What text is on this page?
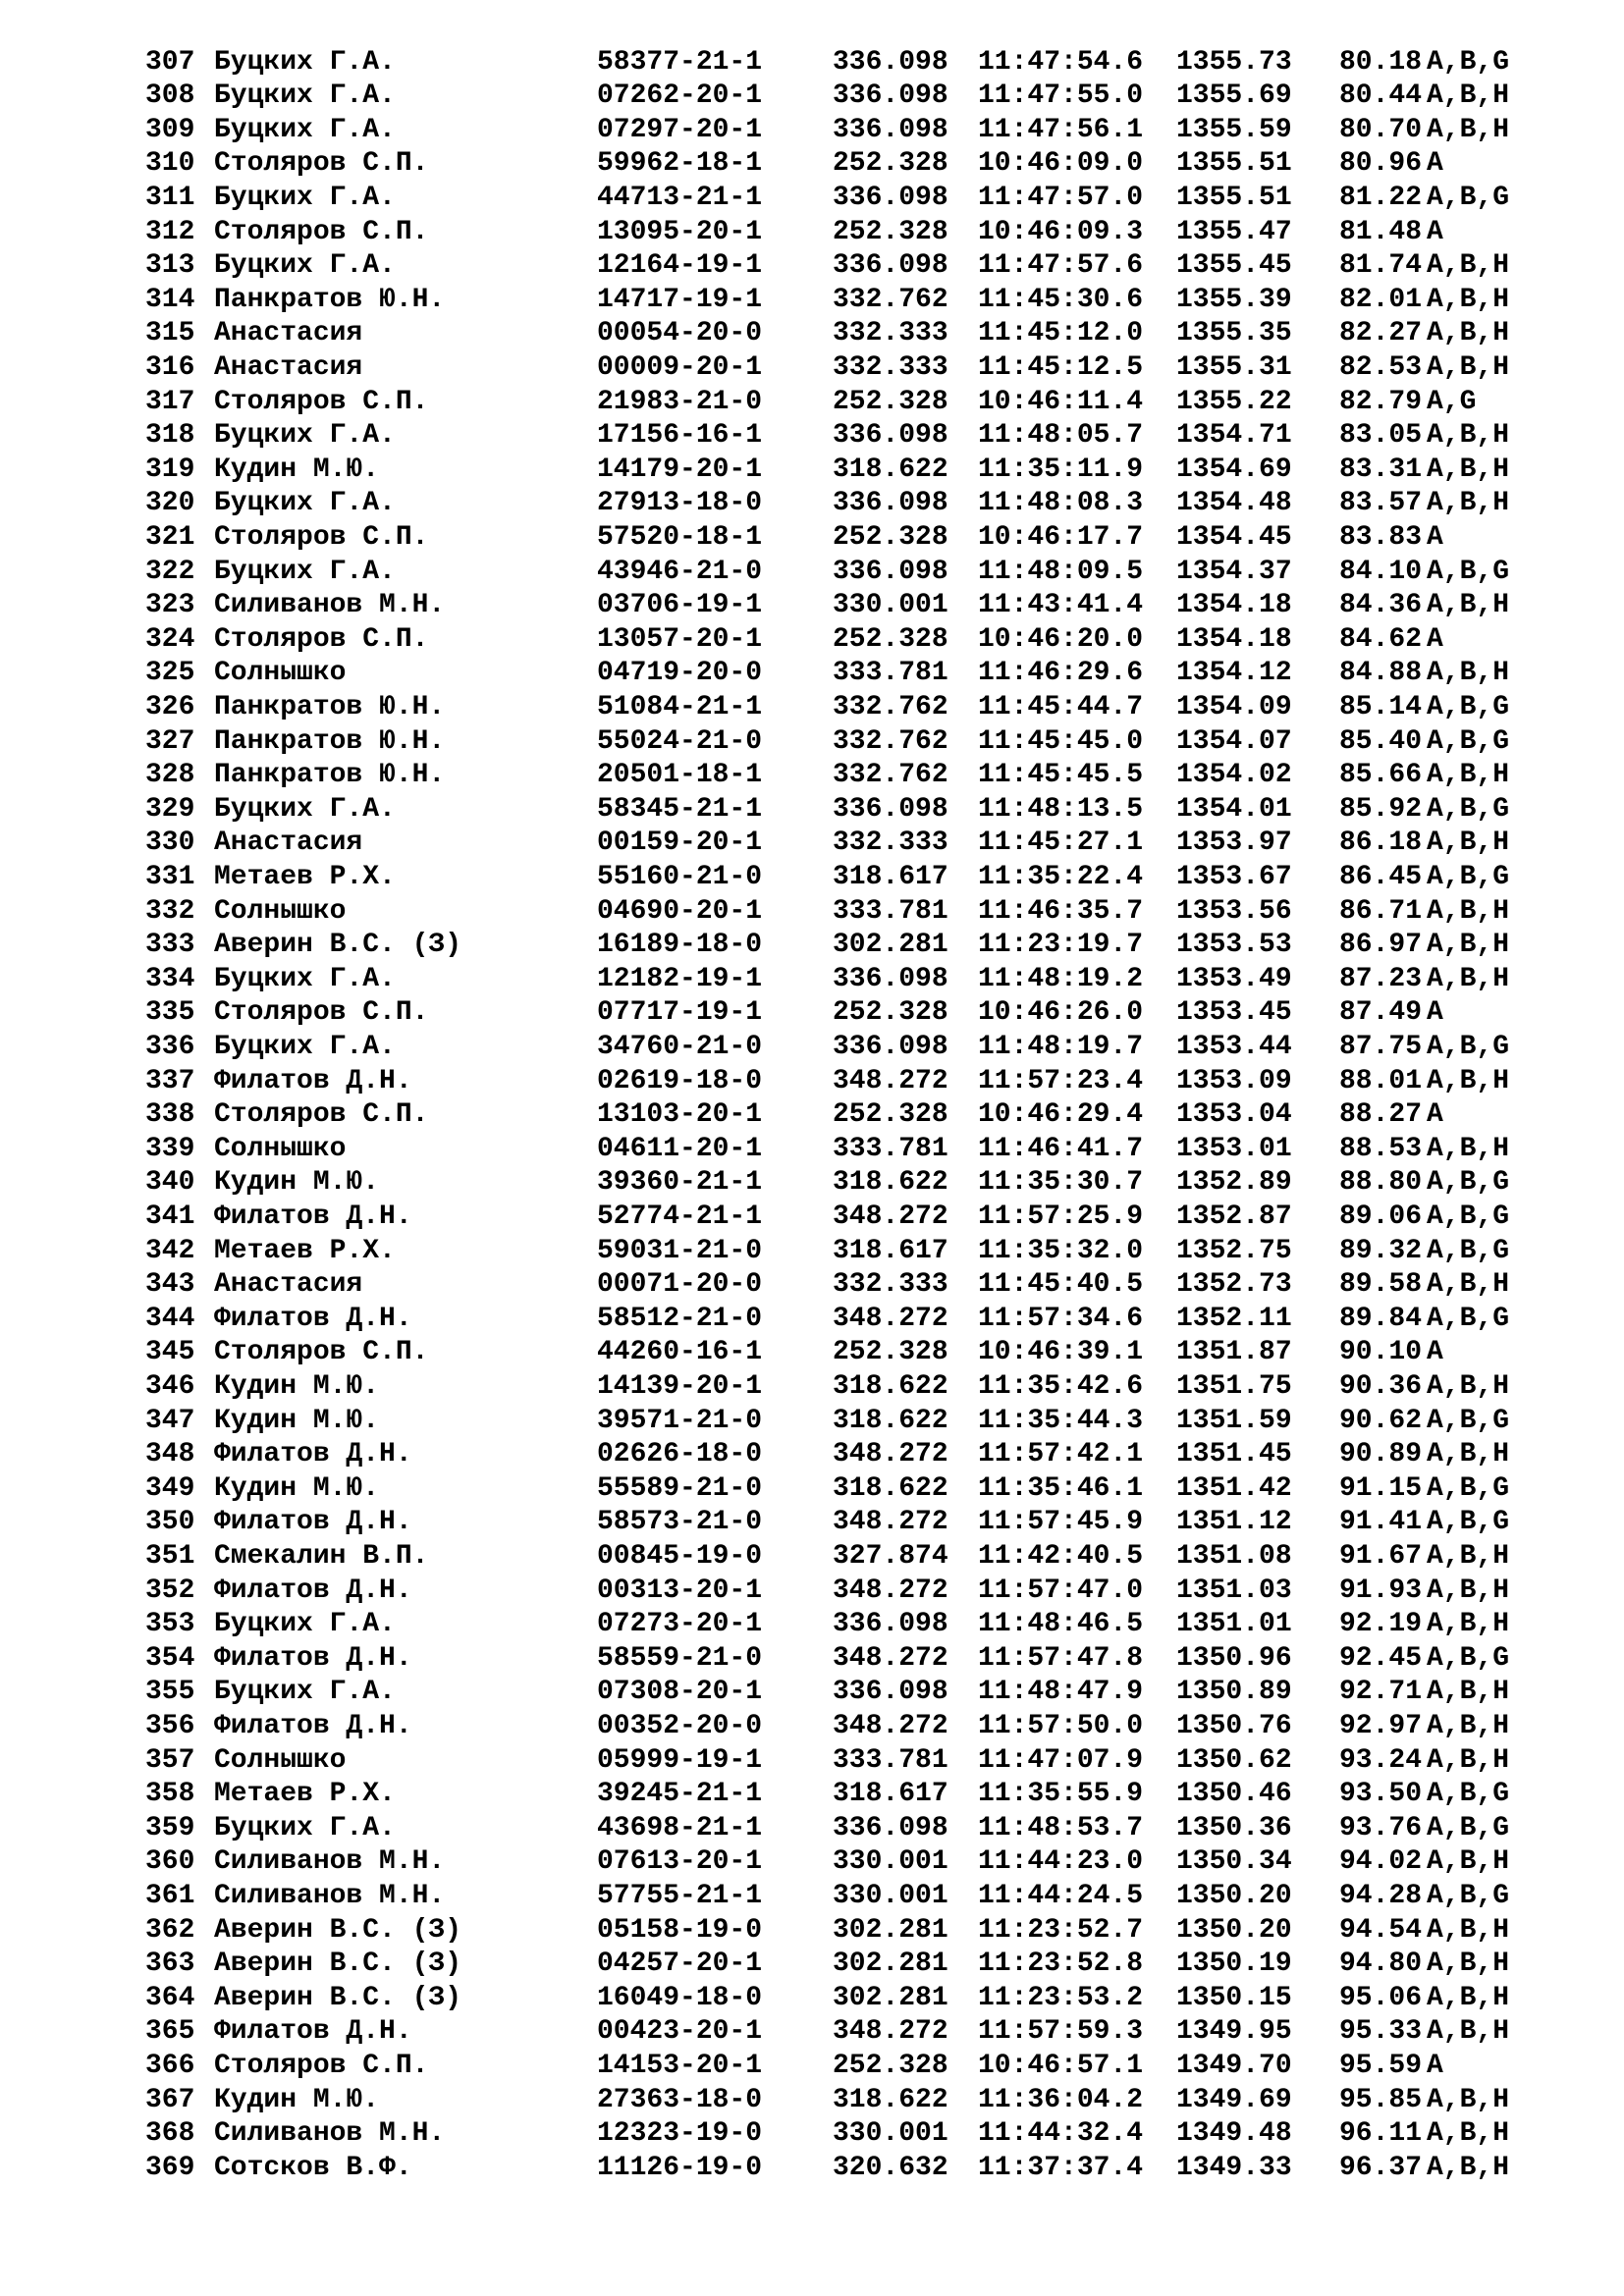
307 Буцких Г.А.	58377-21-1	336.098 11:47:54.6 1355.73 80.18 A,B,G
308 Буцких Г.А.	07262-20-1	336.098 11:47:55.0 1355.69 80.44 A,B,H
309 Буцких Г.А.	07297-20-1	336.098 11:47:56.1 1355.59 80.70 A,B,H
310 Столяров С.П.	59962-18-1	252.328 10:46:09.0 1355.51 80.96 A
311 Буцких Г.А.	44713-21-1	336.098 11:47:57.0 1355.51 81.22 A,B,G
312 Столяров С.П.	13095-20-1	252.328 10:46:09.3 1355.47 81.48 A
313 Буцких Г.А.	12164-19-1	336.098 11:47:57.6 1355.45 81.74 A,B,H
314 Панкратов Ю.Н.	14717-19-1	332.762 11:45:30.6 1355.39 82.01 A,B,H
315 Анастасия	00054-20-0	332.333 11:45:12.0 1355.35 82.27 A,B,H
316 Анастасия	00009-20-1	332.333 11:45:12.5 1355.31 82.53 A,B,H
317 Столяров С.П.	21983-21-0	252.328 10:46:11.4 1355.22 82.79 A,G
318 Буцких Г.А.	17156-16-1	336.098 11:48:05.7 1354.71 83.05 A,B,H
319 Кудин М.Ю.	14179-20-1	318.622 11:35:11.9 1354.69 83.31 A,B,H
320 Буцких Г.А.	27913-18-0	336.098 11:48:08.3 1354.48 83.57 A,B,H
321 Столяров С.П.	57520-18-1	252.328 10:46:17.7 1354.45 83.83 A
322 Буцких Г.А.	43946-21-0	336.098 11:48:09.5 1354.37 84.10 A,B,G
323 Силиванов М.Н.	03706-19-1	330.001 11:43:41.4 1354.18 84.36 A,B,H
324 Столяров С.П.	13057-20-1	252.328 10:46:20.0 1354.18 84.62 A
325 Солнышко	04719-20-0	333.781 11:46:29.6 1354.12 84.88 A,B,H
326 Панкратов Ю.Н.	51084-21-1	332.762 11:45:44.7 1354.09 85.14 A,B,G
327 Панкратов Ю.Н.	55024-21-0	332.762 11:45:45.0 1354.07 85.40 A,B,G
328 Панкратов Ю.Н.	20501-18-1	332.762 11:45:45.5 1354.02 85.66 A,B,H
329 Буцких Г.А.	58345-21-1	336.098 11:48:13.5 1354.01 85.92 A,B,G
330 Анастасия	00159-20-1	332.333 11:45:27.1 1353.97 86.18 A,B,H
331 Метаев Р.Х.	55160-21-0	318.617 11:35:22.4 1353.67 86.45 A,B,G
332 Солнышко	04690-20-1	333.781 11:46:35.7 1353.56 86.71 A,B,H
333 Аверин В.С. (З)	16189-18-0	302.281 11:23:19.7 1353.53 86.97 A,B,H
334 Буцких Г.А.	12182-19-1	336.098 11:48:19.2 1353.49 87.23 A,B,H
335 Столяров С.П.	07717-19-1	252.328 10:46:26.0 1353.45 87.49 A
336 Буцких Г.А.	34760-21-0	336.098 11:48:19.7 1353.44 87.75 A,B,G
337 Филатов Д.Н.	02619-18-0	348.272 11:57:23.4 1353.09 88.01 A,B,H
338 Столяров С.П.	13103-20-1	252.328 10:46:29.4 1353.04 88.27 A
339 Солнышко	04611-20-1	333.781 11:46:41.7 1353.01 88.53 A,B,H
340 Кудин М.Ю.	39360-21-1	318.622 11:35:30.7 1352.89 88.80 A,B,G
341 Филатов Д.Н.	52774-21-1	348.272 11:57:25.9 1352.87 89.06 A,B,G
342 Метаев Р.Х.	59031-21-0	318.617 11:35:32.0 1352.75 89.32 A,B,G
343 Анастасия	00071-20-0	332.333 11:45:40.5 1352.73 89.58 A,B,H
344 Филатов Д.Н.	58512-21-0	348.272 11:57:34.6 1352.11 89.84 A,B,G
345 Столяров С.П.	44260-16-1	252.328 10:46:39.1 1351.87 90.10 A
346 Кудин М.Ю.	14139-20-1	318.622 11:35:42.6 1351.75 90.36 A,B,H
347 Кудин М.Ю.	39571-21-0	318.622 11:35:44.3 1351.59 90.62 A,B,G
348 Филатов Д.Н.	02626-18-0	348.272 11:57:42.1 1351.45 90.89 A,B,H
349 Кудин М.Ю.	55589-21-0	318.622 11:35:46.1 1351.42 91.15 A,B,G
350 Филатов Д.Н.	58573-21-0	348.272 11:57:45.9 1351.12 91.41 A,B,G
351 Смекалин В.П.	00845-19-0	327.874 11:42:40.5 1351.08 91.67 A,B,H
352 Филатов Д.Н.	00313-20-1	348.272 11:57:47.0 1351.03 91.93 A,B,H
353 Буцких Г.А.	07273-20-1	336.098 11:48:46.5 1351.01 92.19 A,B,H
354 Филатов Д.Н.	58559-21-0	348.272 11:57:47.8 1350.96 92.45 A,B,G
355 Буцких Г.А.	07308-20-1	336.098 11:48:47.9 1350.89 92.71 A,B,H
356 Филатов Д.Н.	00352-20-0	348.272 11:57:50.0 1350.76 92.97 A,B,H
357 Солнышко	05999-19-1	333.781 11:47:07.9 1350.62 93.24 A,B,H
358 Метаев Р.Х.	39245-21-1	318.617 11:35:55.9 1350.46 93.50 A,B,G
359 Буцких Г.А.	43698-21-1	336.098 11:48:53.7 1350.36 93.76 A,B,G
360 Силиванов М.Н.	07613-20-1	330.001 11:44:23.0 1350.34 94.02 A,B,H
361 Силиванов М.Н.	57755-21-1	330.001 11:44:24.5 1350.20 94.28 A,B,G
362 Аверин В.С. (З)	05158-19-0	302.281 11:23:52.7 1350.20 94.54 A,B,H
363 Аверин В.С. (З)	04257-20-1	302.281 11:23:52.8 1350.19 94.80 A,B,H
364 Аверин В.С. (З)	16049-18-0	302.281 11:23:53.2 1350.15 95.06 A,B,H
365 Филатов Д.Н.	00423-20-1	348.272 11:57:59.3 1349.95 95.33 A,B,H
366 Столяров С.П.	14153-20-1	252.328 10:46:57.1 1349.70 95.59 A
367 Кудин М.Ю.	27363-18-0	318.622 11:36:04.2 1349.69 95.85 A,B,H
368 Силиванов М.Н.	12323-19-0	330.001 11:44:32.4 1349.48 96.11 A,B,H
369 Сотсков В.Ф.	11126-19-0	320.632 11:37:37.4 1349.33 96.37 A,B,H
